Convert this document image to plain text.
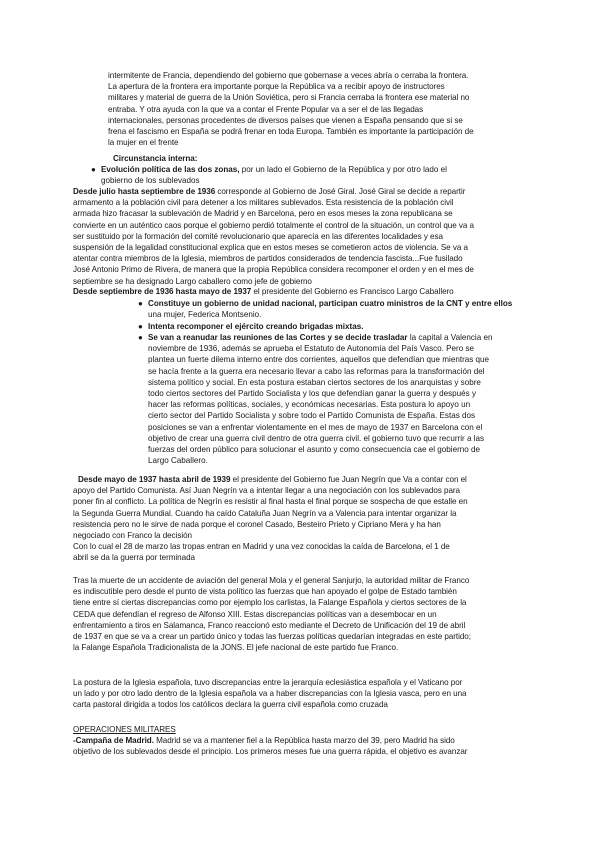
intermitente de Francia, dependiendo del gobierno que gobernase a veces abría o cerraba la frontera.

La apertura de la frontera era importante porque la República va a recibir apoyo de instructores

militares y material de guerra de la Unión Soviética, pero si Francia cerraba la frontera ese material no

entraba. Y otra ayuda con la que va a contar el Frente Popular va a ser el de las llegadas

internacionales, personas procedentes de diversos países que vienen a España pensando que si se

frena el fascismo en España se podrá frenar en toda Europa. También es importante la participación de

la mujer en el frente

Circunstancia interna:
● Evolución política de las dos zonas, por un lado el Gobierno de la República y por otro lado el

gobierno de los sublevados

Desde julio hasta septiembre de 1936 corresponde al Gobierno de José Giral. José Giral se decide a repartir

armamento a la población civil para detener a los militares sublevados. Esta resistencia de la población civil

armada hizo fracasar la sublevación de Madrid y en Barcelona, pero en esos meses la zona republicana se

convierte en un auténtico caos porque el gobierno perdió totalmente el control de la situación, un control que va a

ser sustituido por la formación del comité revolucionario que aparecía en las diferentes localidades y esa

suspensión de la legalidad constitucional explica que en estos meses se cometieron actos de violencia. Se va a

atentar contra miembros de la Iglesia, miembros de partidos considerados de tendencia fascista...Fue fusilado

José Antonio Primo de Rivera, de manera que la propia República considera recomponer el orden y en el mes de

septiembre se ha designado Largo caballero como jefe de gobierno

Desde septiembre de 1936 hasta mayo de 1937 el presidente del Gobierno es Francisco Largo Caballero

● Constituye un gobierno de unidad nacional, participan cuatro ministros de la CNT y entre ellos

una mujer, Federica Montsenio.

● Intenta recomponer el ejército creando brigadas mixtas.

● Se van a reanudar las reuniones de las Cortes y se decide trasladar la capital a Valencia en

noviembre de 1936, además se aprueba el Estatuto de Autonomía del País Vasco. Pero se

plantea un fuerte dilema interno entre dos corrientes, aquellos que defendían que mientras que

se hacía frente a la guerra era necesario llevar a cabo las reformas para la transformación del

sistema político y social. En esta postura estaban ciertos sectores de los anarquistas y sobre

todo ciertos sectores del Partido Socialista y los que defendían ganar la guerra y después y

hacer las reformas políticas, sociales, y económicas necesarias. Esta postura lo apoyo un

cierto sector del Partido Socialista y sobre todo el Partido Comunista de España. Estas dos

posiciones se van a enfrentar violentamente en el mes de mayo de 1937 en Barcelona con el

objetivo de crear una guerra civil dentro de otra guerra civil. el gobierno tuvo que recurrir a las

fuerzas del orden público para solucionar el asunto y como consecuencia cae el gobierno de

Largo Caballero.

Desde mayo de 1937 hasta abril de 1939 el presidente del Gobierno fue Juan Negrín que Va a contar con el

apoyo del Partido Comunista. Así Juan Negrín va a intentar llegar a una negociación con los sublevados para

poner fin al conflicto. La política de Negrín es resistir al final hasta el final porque se sospecha de que estalle en

la Segunda Guerra Mundial. Cuando ha caído Cataluña Juan Negrín va a Valencia para intentar organizar la

resistencia pero no le sirve de nada porque el coronel Casado, Besteiro Prieto y Cipriano Mera y ha han

negociado con Franco la decisión

Con lo cual el 28 de marzo las tropas entran en Madrid y una vez conocidas la caída de Barcelona, el 1 de

abril se da la guerra por terminada

Tras la muerte de un accidente de aviación del general Mola y el general Sanjurjo, la autoridad militar de Franco

es indiscutible pero desde el punto de vista político las fuerzas que han apoyado el golpe de Estado también

tiene entre sí ciertas discrepancias como por ejemplo los carlistas, la Falange Española y ciertos sectores de la

CEDA que defendían el regreso de Alfonso XIII. Estas discrepancias políticas van a desembocar en un

enfrentamiento a tiros en Salamanca, Franco reaccionó esto mediante el Decreto de Unificación del 19 de abril

de 1937 en que se va a crear un partido único y todas las fuerzas políticas quedarían integradas en este partido;

la Falange Española Tradicionalista de la JONS. El jefe nacional de este partido fue Franco.

La postura de la Iglesia española, tuvo discrepancias entre la jerarquía eclesiástica española y el Vaticano por

un lado y por otro lado dentro de la Iglesia española va a haber discrepancias con la Iglesia vasca, pero en una

carta pastoral dirigida a todos los católicos declara la guerra civil española como cruzada

OPERACIONES MILITARES

-Campaña de Madrid. Madrid se va a mantener fiel a la República hasta marzo del 39, pero Madrid ha sido

objetivo de los sublevados desde el principio. Los primeros meses fue una guerra rápida, el objetivo es avanzar
